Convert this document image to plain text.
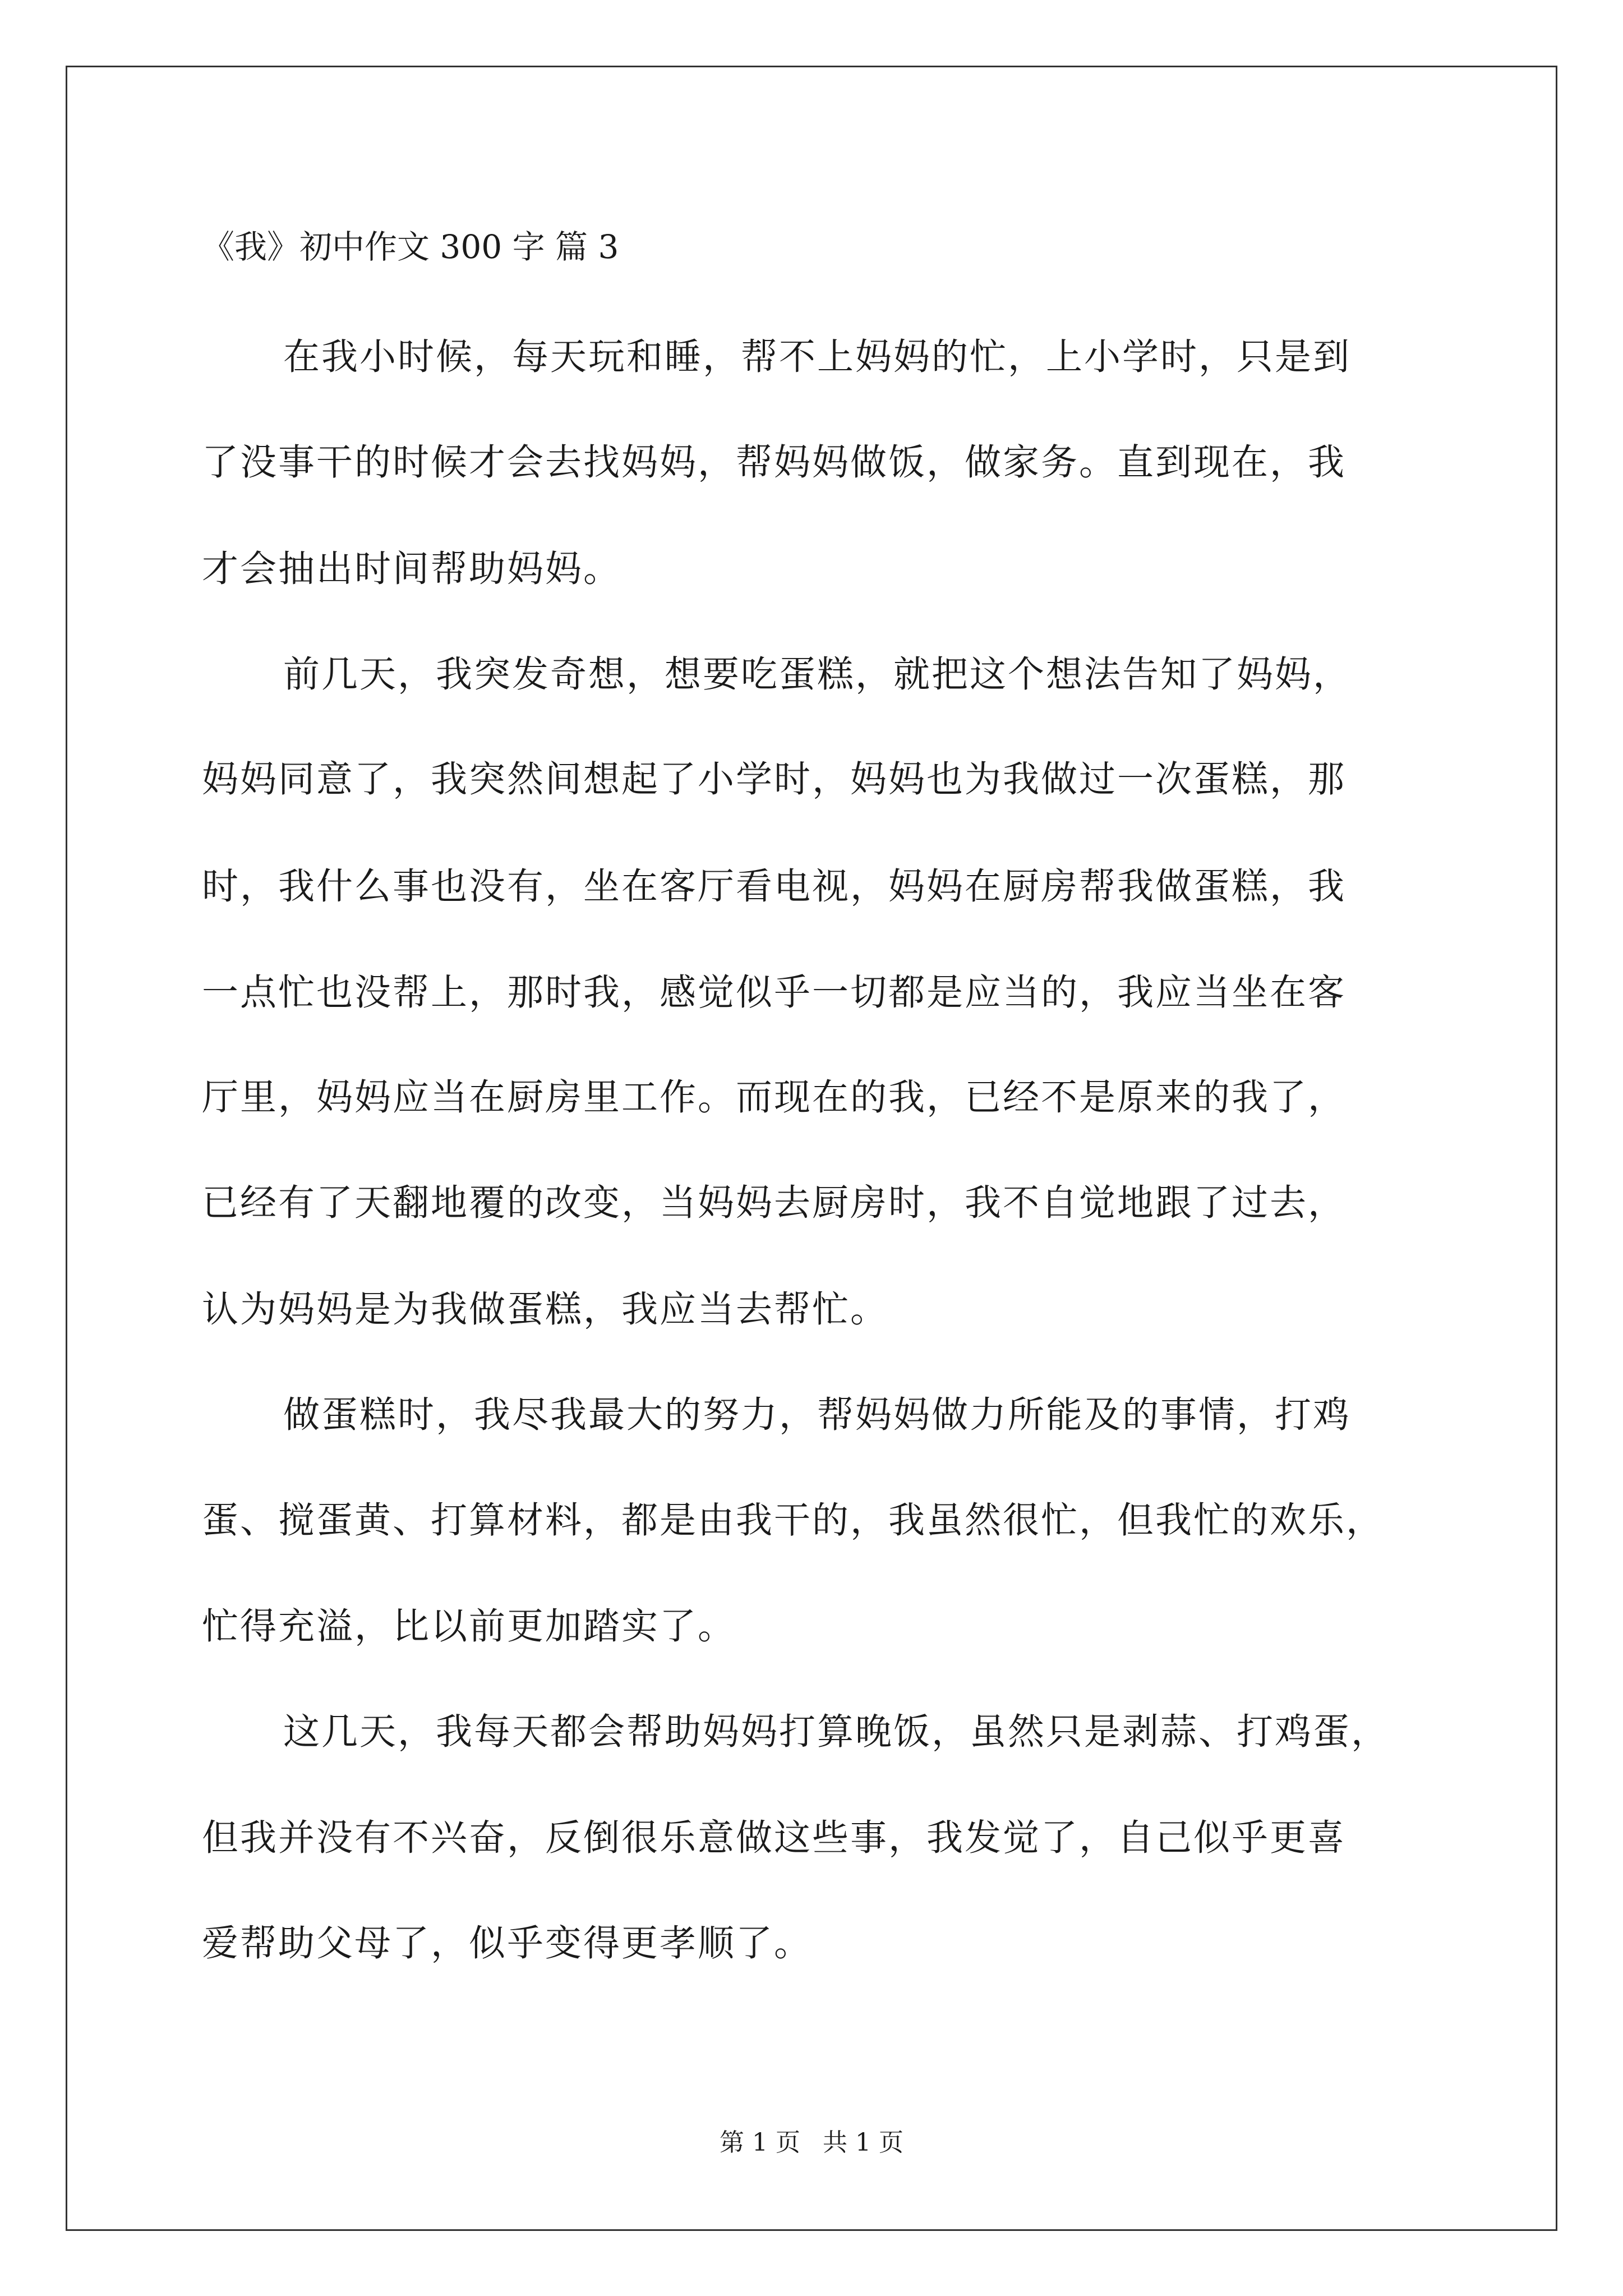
《我》初中作文 300 字 篇 3
在我小时候，每天玩和睡，帮不上妈妈的忙，上小学时，只是到
了没事干的时候才会去找妈妈，帮妈妈做饭，做家务。直到现在，我
才会抽出时间帮助妈妈。
前几天，我突发奇想，想要吃蛋糕，就把这个想法告知了妈妈，
妈妈同意了，我突然间想起了小学时，妈妈也为我做过一次蛋糕，那
时，我什么事也没有，坐在客厅看电视，妈妈在厨房帮我做蛋糕，我
一点忙也没帮上，那时我，感觉似乎一切都是应当的，我应当坐在客
厅里，妈妈应当在厨房里工作。而现在的我，已经不是原来的我了，
已经有了天翻地覆的改变，当妈妈去厨房时，我不自觉地跟了过去，
认为妈妈是为我做蛋糕，我应当去帮忙。
做蛋糕时，我尽我最大的努力，帮妈妈做力所能及的事情，打鸡
蛋、搅蛋黄、打算材料，都是由我干的，我虽然很忙，但我忙的欢乐，
忙得充溢，比以前更加踏实了。
这几天，我每天都会帮助妈妈打算晚饭，虽然只是剥蒜、打鸡蛋，
但我并没有不兴奋，反倒很乐意做这些事，我发觉了，自己似乎更喜
爱帮助父母了，似乎变得更孝顺了。
第 1 页 共 1 页
